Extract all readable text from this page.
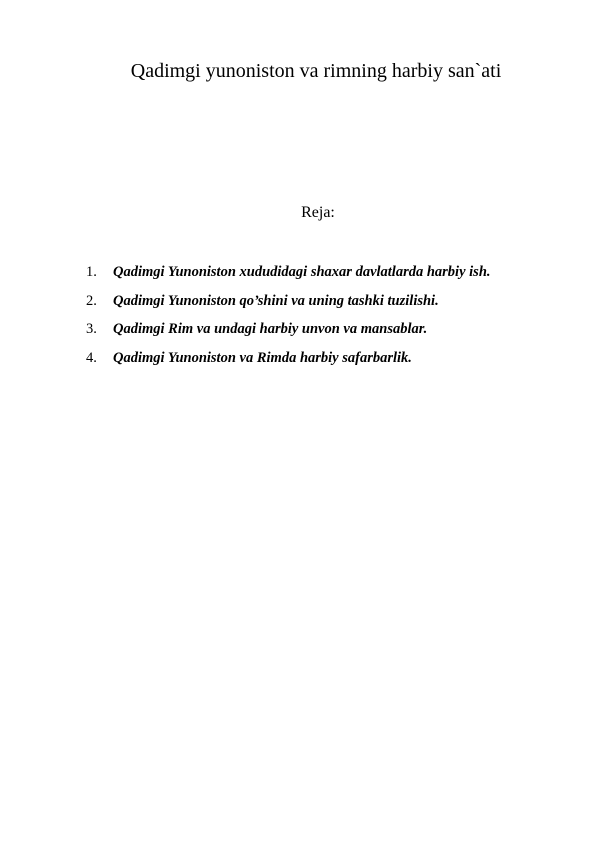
Qadimgi yunoniston va rimning harbiy san`ati
Reja:
1.	Qadimgi Yunoniston xududidagi shaxar davlatlarda harbiy ish.
2.	Qadimgi Yunoniston qo’shini va uning tashki tuzilishi.
3.	Qadimgi Rim va undagi harbiy unvon va mansablar.
4.	Qadimgi Yunoniston va Rimda harbiy safarbarlik.
